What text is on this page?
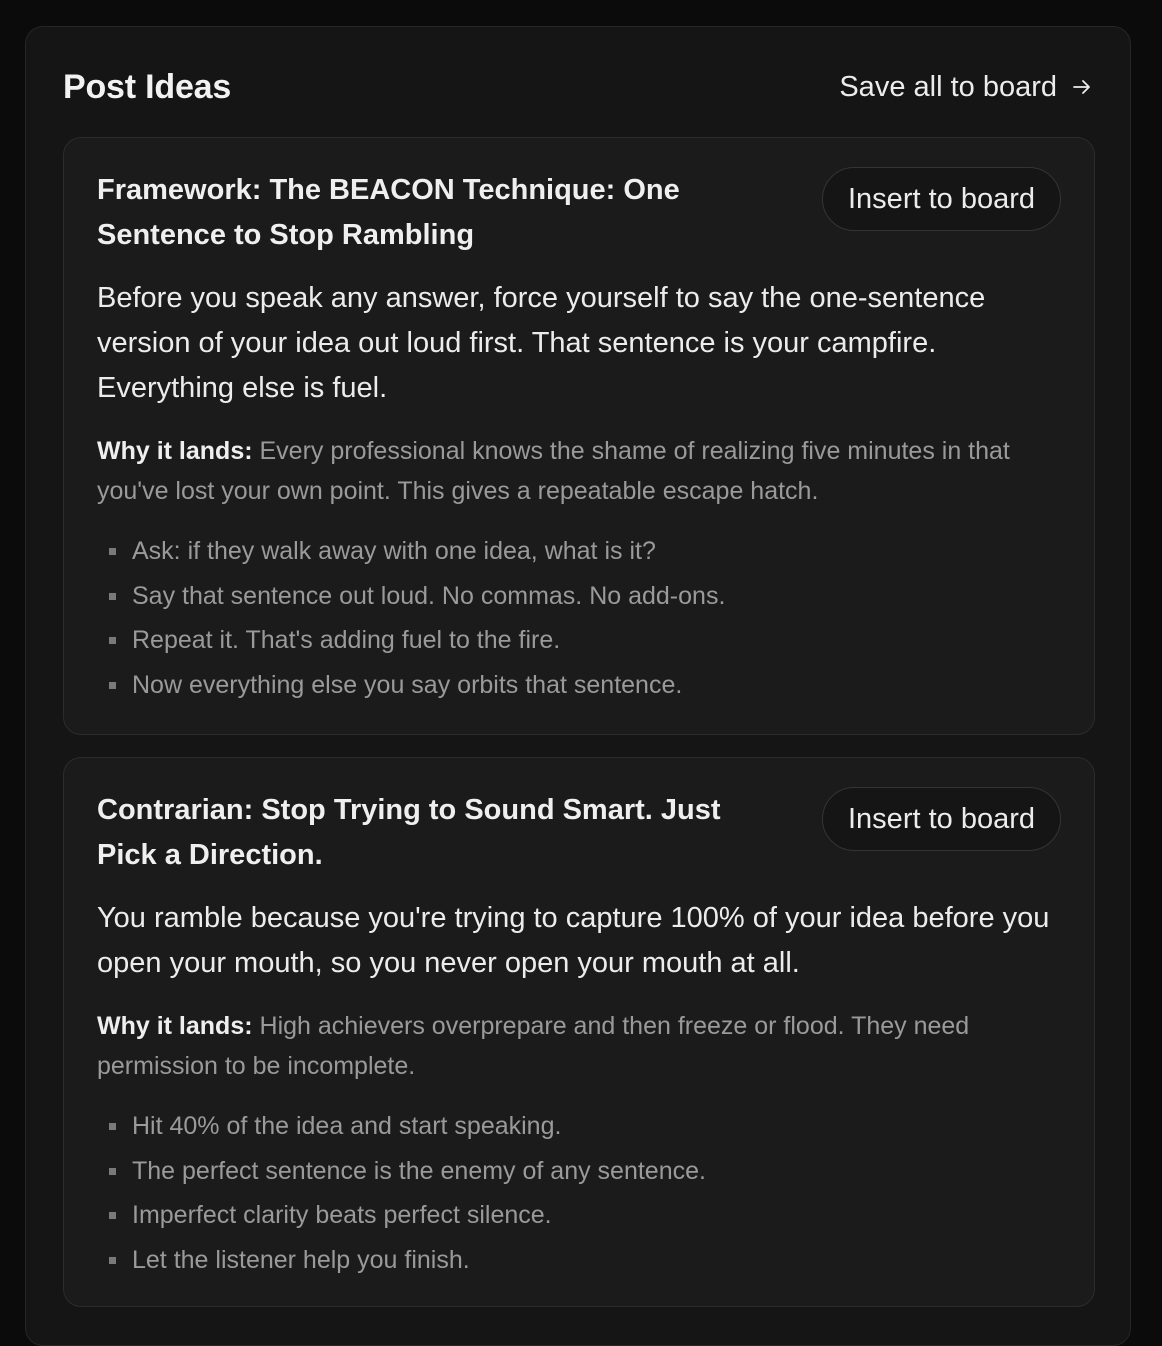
Post Ideas	Save all to board
Framework: The BEACON Technique: One Sentence to Stop Rambling
Insert to board
Before you speak any answer, force yourself to say the one-sentence version of your idea out loud first. That sentence is your campfire. Everything else is fuel.
Why it lands: Every professional knows the shame of realizing five minutes in that you've lost your own point. This gives a repeatable escape hatch.
Ask: if they walk away with one idea, what is it?
Say that sentence out loud. No commas. No add-ons.
Repeat it. That's adding fuel to the fire.
Now everything else you say orbits that sentence.
Contrarian: Stop Trying to Sound Smart. Just Pick a Direction.
Insert to board
You ramble because you're trying to capture 100% of your idea before you open your mouth, so you never open your mouth at all.
Why it lands: High achievers overprepare and then freeze or flood. They need permission to be incomplete.
Hit 40% of the idea and start speaking.
The perfect sentence is the enemy of any sentence.
Imperfect clarity beats perfect silence.
Let the listener help you finish.
